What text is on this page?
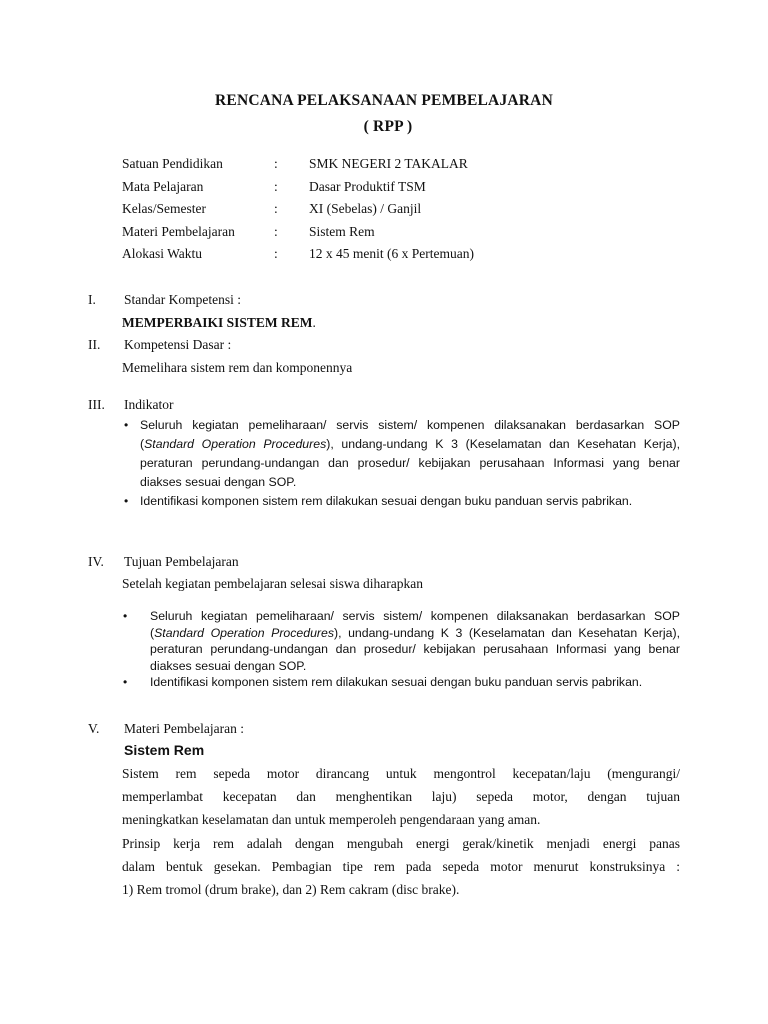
RENCANA PELAKSANAAN PEMBELAJARAN
( RPP )
Satuan Pendidikan	: SMK NEGERI 2 TAKALAR
Mata Pelajaran	: Dasar Produktif TSM
Kelas/Semester	: XI (Sebelas) / Ganjil
Materi Pembelajaran	: Sistem Rem
Alokasi Waktu	: 12 x 45 menit (6 x Pertemuan)
I. Standar Kompetensi :
MEMPERBAIKI SISTEM REM.
II. Kompetensi Dasar :
Memelihara sistem rem dan komponennya
III. Indikator
• Seluruh kegiatan pemeliharaan/ servis sistem/ kompenen dilaksanakan berdasarkan SOP (Standard Operation Procedures), undang-undang K 3 (Keselamatan dan Kesehatan Kerja), peraturan perundang-undangan dan prosedur/ kebijakan perusahaan Informasi yang benar diakses sesuai dengan SOP.
• Identifikasi komponen sistem rem dilakukan sesuai dengan buku panduan servis pabrikan.
IV. Tujuan Pembelajaran
Setelah kegiatan pembelajaran selesai siswa diharapkan
• Seluruh kegiatan pemeliharaan/ servis sistem/ kompenen dilaksanakan berdasarkan SOP (Standard Operation Procedures), undang-undang K 3 (Keselamatan dan Kesehatan Kerja), peraturan perundang-undangan dan prosedur/ kebijakan perusahaan Informasi yang benar diakses sesuai dengan SOP.
• Identifikasi komponen sistem rem dilakukan sesuai dengan buku panduan servis pabrikan.
V. Materi Pembelajaran :
Sistem Rem
Sistem rem sepeda motor dirancang untuk mengontrol kecepatan/laju (mengurangi/
memperlambat kecepatan dan menghentikan laju) sepeda motor, dengan tujuan
meningkatkan keselamatan dan untuk memperoleh pengendaraan yang aman.
Prinsip kerja rem adalah dengan mengubah energi gerak/kinetik menjadi energi panas
dalam bentuk gesekan. Pembagian tipe rem pada sepeda motor menurut konstruksinya :
1) Rem tromol (drum brake), dan 2) Rem cakram (disc brake).
